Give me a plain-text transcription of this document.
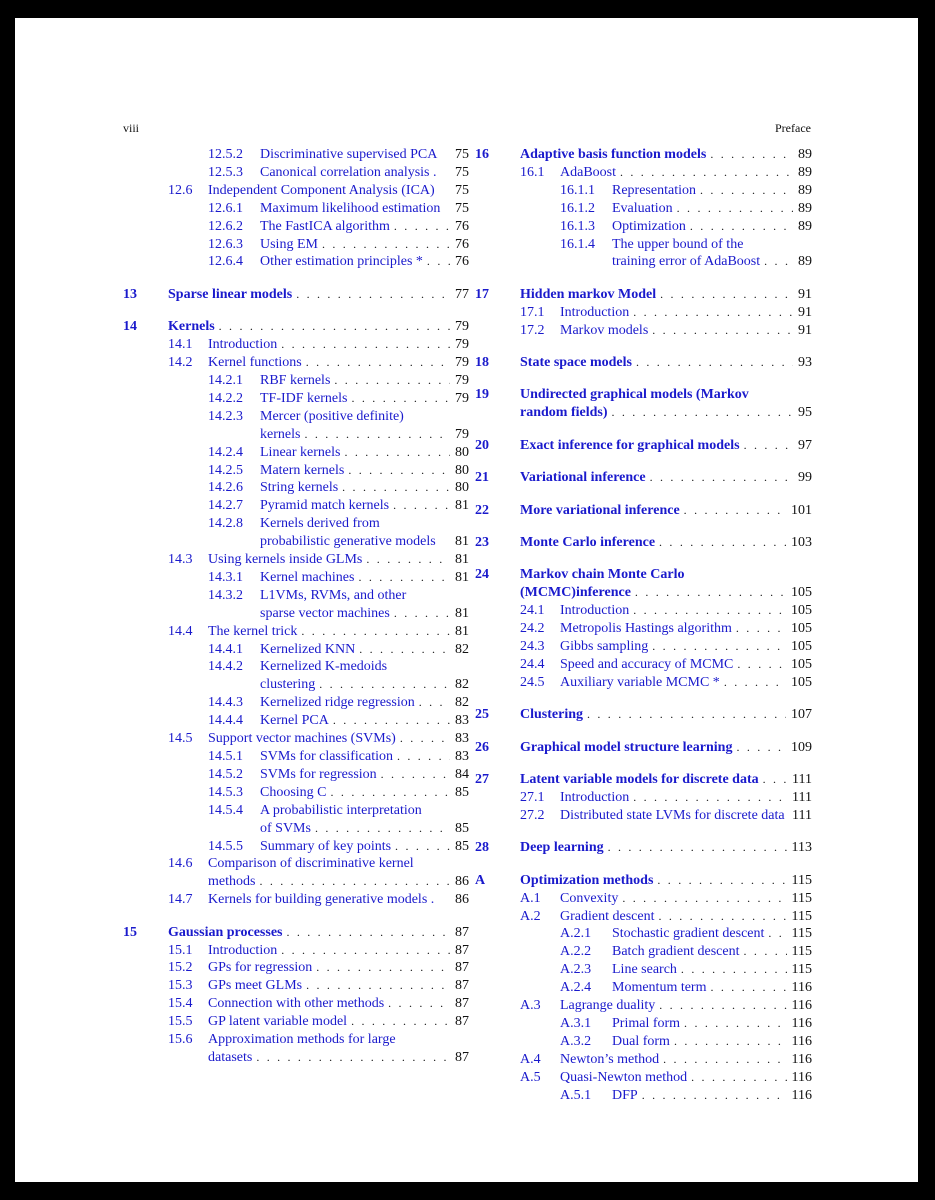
viii	Preface
12.5.2	Discriminative supervised PCA 75
12.5.3	Canonical correlation analysis . 75
12.6	Independent Component Analysis (ICA) 75
12.6.1	Maximum likelihood estimation 75
12.6.2	The FastICA algorithm . . .	76
12.6.3	Using EM . . .	76
12.6.4	Other estimation principles * . . . 76
13	Sparse linear models . . .	77
14	Kernels . . .	79
14.1	Introduction . . .	79
14.2	Kernel functions . . .	79
14.2.1	RBF kernels . . .	79
14.2.2	TF-IDF kernels . . .	79
14.2.3	Mercer (positive definite)
kernels . . .	79
14.2.4	Linear kernels . . .	80
14.2.5	Matern kernels . . .	80
14.2.6	String kernels . . .	80
14.2.7	Pyramid match kernels . . .	81
14.2.8	Kernels derived from
probabilistic generative models 81
14.3	Using kernels inside GLMs . . .	81
14.3.1	Kernel machines . . .	81
14.3.2	L1VMs, RVMs, and other
sparse vector machines . . .	81
14.4	The kernel trick . . .	81
14.4.1	Kernelized KNN . . .	82
14.4.2	Kernelized K-medoids
clustering . . .	82
14.4.3	Kernelized ridge regression . . .	82
14.4.4	Kernel PCA . . .	83
14.5	Support vector machines (SVMs) . . .	83
14.5.1	SVMs for classification . . .	83
14.5.2	SVMs for regression . . .	84
14.5.3	Choosing C . . .	85
14.5.4	A probabilistic interpretation
of SVMs . . .	85
14.5.5	Summary of key points . . .	85
14.6	Comparison of discriminative kernel
methods . . .	86
14.7	Kernels for building generative models . 86
15	Gaussian processes . . .	87
15.1	Introduction . . .	87
15.2	GPs for regression . . .	87
15.3	GPs meet GLMs . . .	87
15.4	Connection with other methods . . .	87
15.5	GP latent variable model . . .	87
15.6	Approximation methods for large
datasets . . .	87
16	Adaptive basis function models . . .	89
16.1	AdaBoost . . .	89
16.1.1	Representation . . .	89
16.1.2	Evaluation . . .	89
16.1.3	Optimization . . .	89
16.1.4	The upper bound of the
training error of AdaBoost . . .	89
17	Hidden markov Model . . .	91
17.1	Introduction . . .	91
17.2	Markov models . . .	91
18	State space models . . .	93
19	Undirected graphical models (Markov
random fields) . . .	95
20	Exact inference for graphical models . . .	97
21	Variational inference . . .	99
22	More variational inference . . .	101
23	Monte Carlo inference . . .	103
24	Markov chain Monte Carlo
(MCMC)inference . . .	105
24.1	Introduction . . .	105
24.2	Metropolis Hastings algorithm . . .	105
24.3	Gibbs sampling . . .	105
24.4	Speed and accuracy of MCMC . . .	105
24.5	Auxiliary variable MCMC * . . .	105
25	Clustering . . .	107
26	Graphical model structure learning . . .	109
27	Latent variable models for discrete data . . . 111
27.1	Introduction . . .	111
27.2	Distributed state LVMs for discrete data 111
28	Deep learning . . .	113
A	Optimization methods . . .	115
A.1	Convexity . . .	115
A.2	Gradient descent . . .	115
A.2.1	Stochastic gradient descent . . . 115
A.2.2	Batch gradient descent . . .	115
A.2.3	Line search . . .	115
A.2.4	Momentum term . . .	116
A.3	Lagrange duality . . .	116
A.3.1	Primal form . . .	116
A.3.2	Dual form . . .	116
A.4	Newton’s method . . .	116
A.5	Quasi-Newton method . . .	116
A.5.1	DFP . . .	116
